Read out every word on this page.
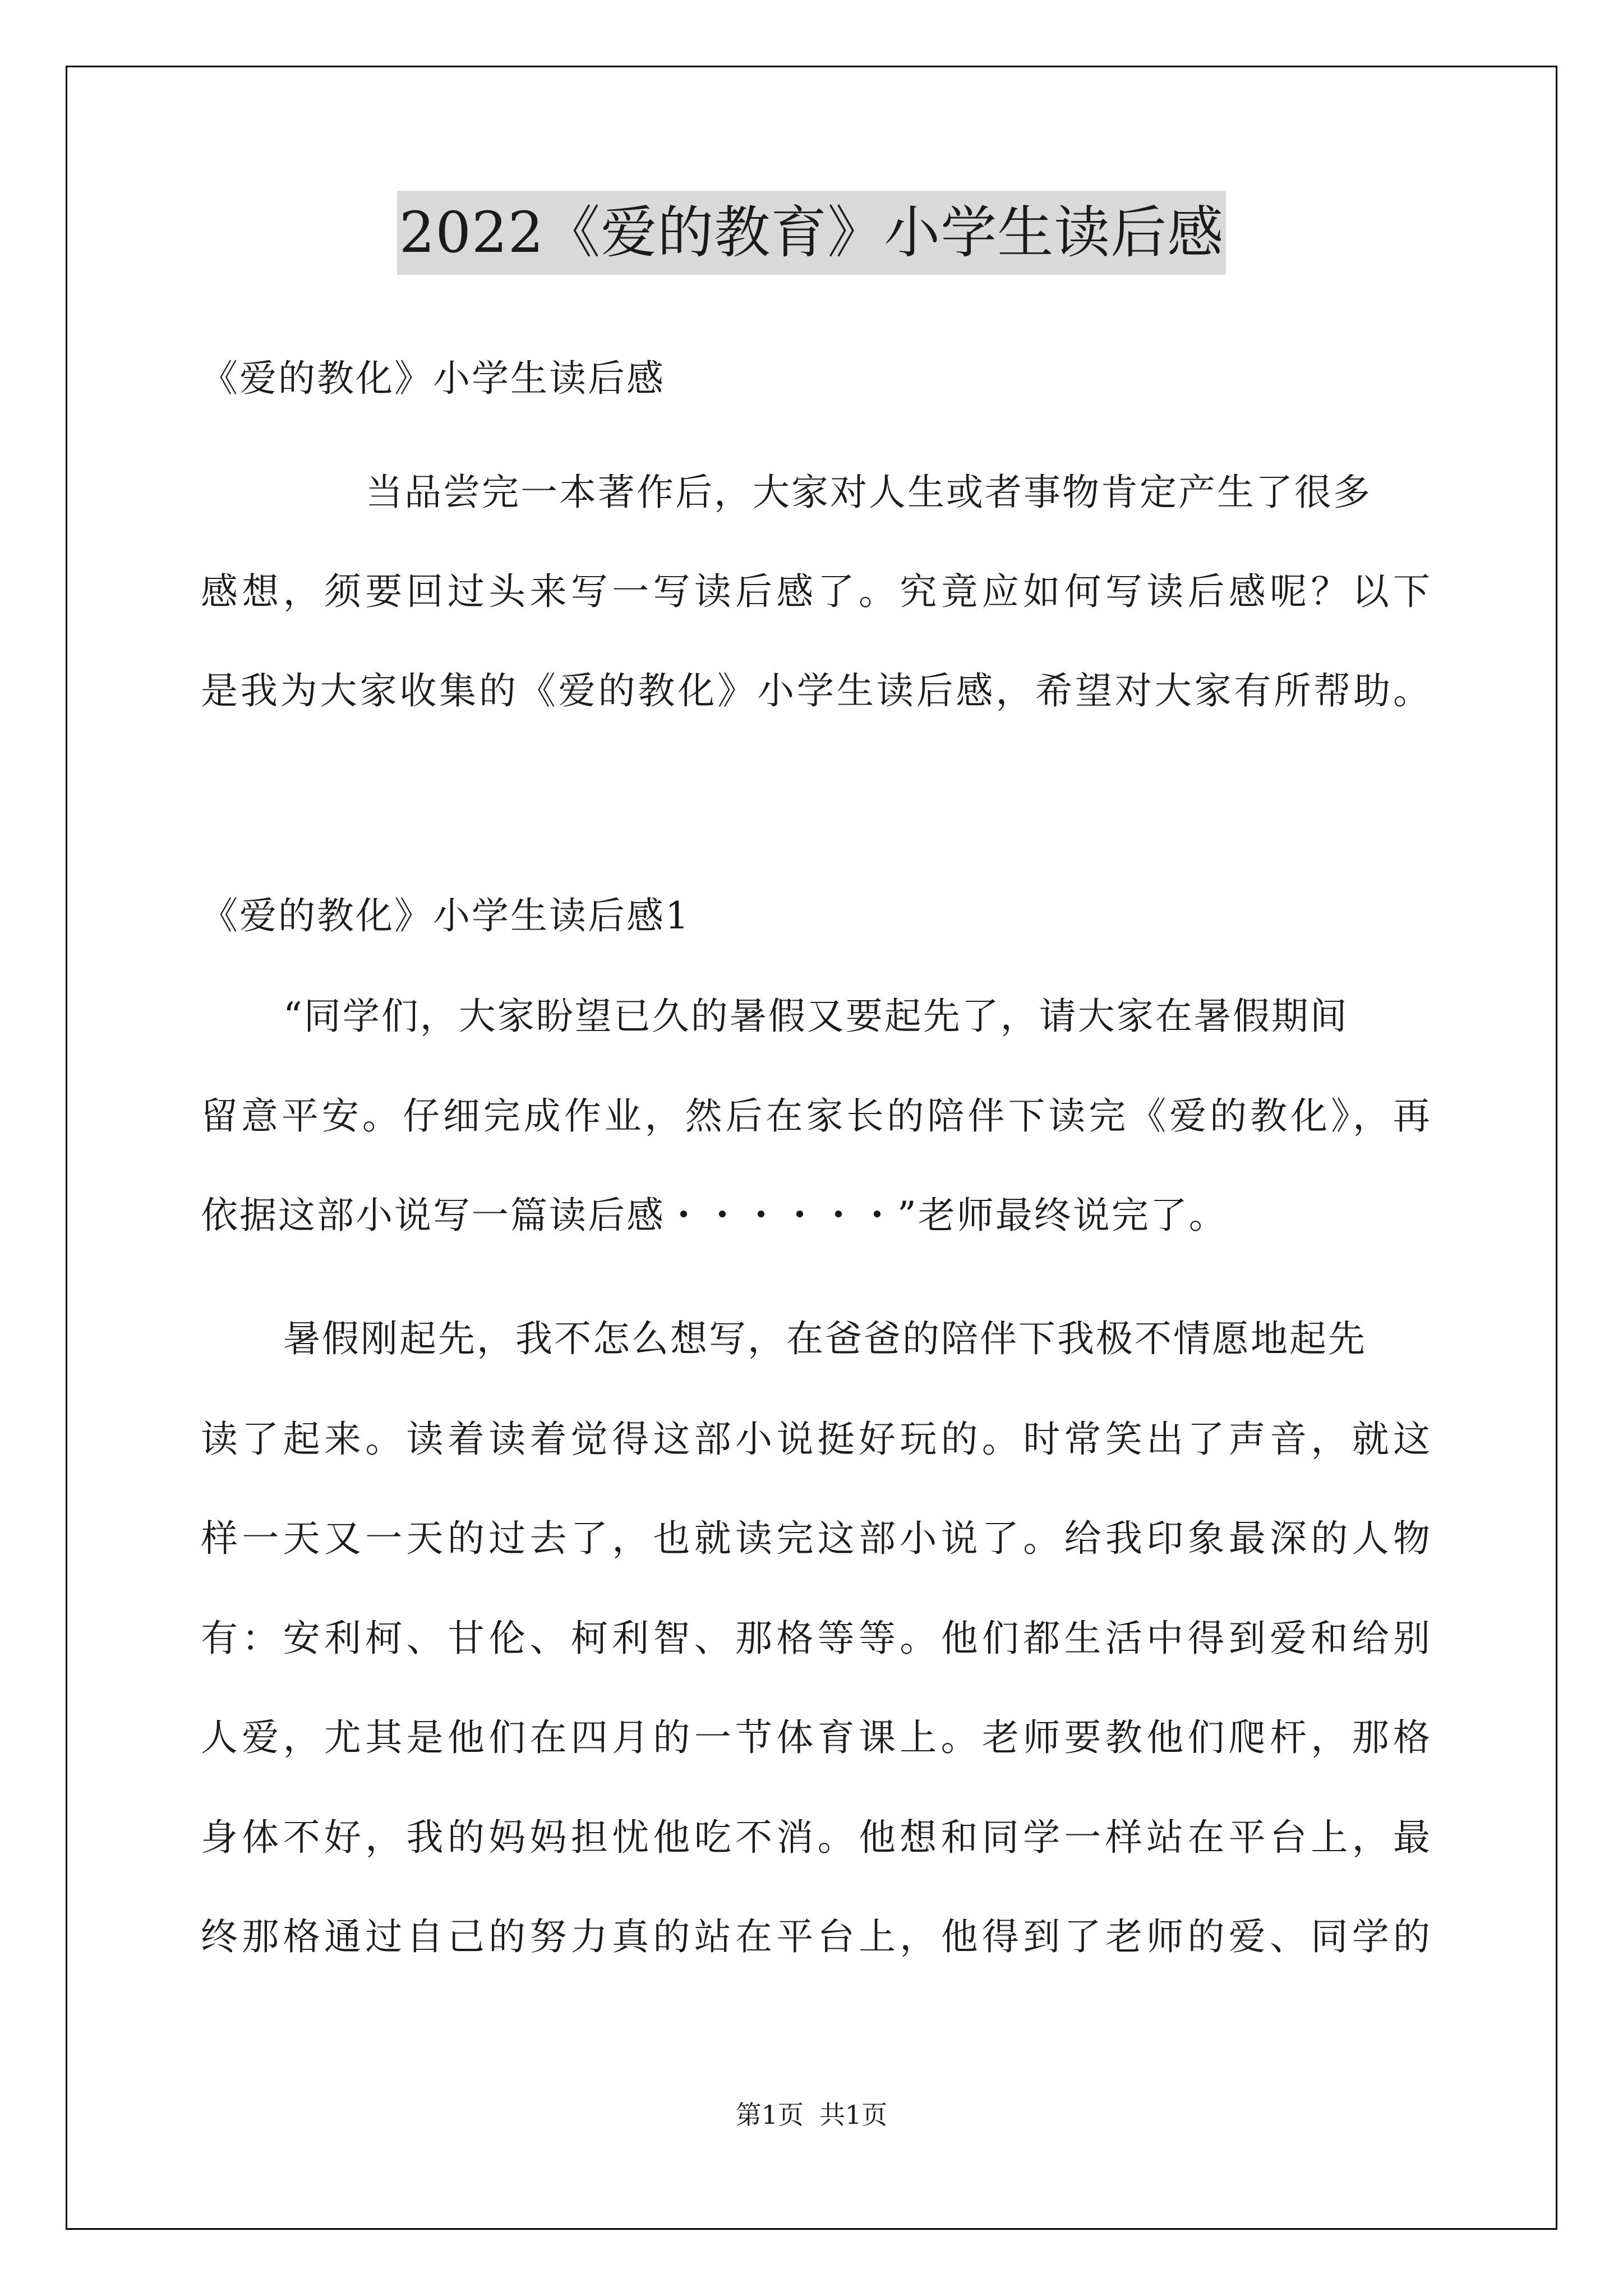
2022《爱的教育》小学生读后感
《爱的教化》小学生读后感
当品尝完一本著作后，大家对人生或者事物肯定产生了很多
感想，须要回过头来写一写读后感了。究竟应如何写读后感呢？以下
是我为大家收集的《爱的教化》小学生读后感，希望对大家有所帮助。
《爱的教化》小学生读后感1
“同学们，大家盼望已久的暑假又要起先了，请大家在暑假期间
留意平安。仔细完成作业，然后在家长的陪伴下读完《爱的教化》，再
依据这部小说写一篇读后感・・・・・・”老师最终说完了。
暑假刚起先，我不怎么想写，在爸爸的陪伴下我极不情愿地起先
读了起来。读着读着觉得这部小说挺好玩的。时常笑出了声音，就这
样一天又一天的过去了，也就读完这部小说了。给我印象最深的人物
有：安利柯、甘伦、柯利智、那格等等。他们都生活中得到爱和给别
人爱，尤其是他们在四月的一节体育课上。老师要教他们爬杆，那格
身体不好，我的妈妈担忧他吃不消。他想和同学一样站在平台上，最
终那格通过自己的努力真的站在平台上，他得到了老师的爱、同学的
第1页 共1页
